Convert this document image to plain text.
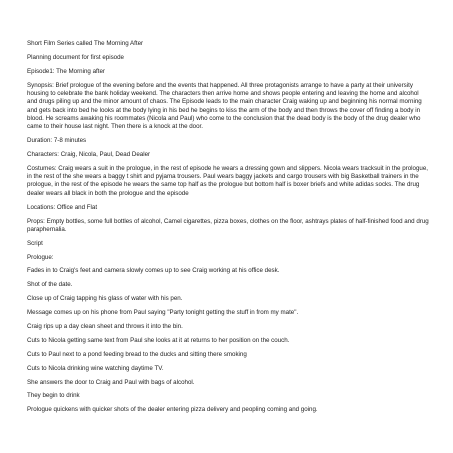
Short Film Series called The Morning After

Planning document for first episode

Episode1: The Morning after

Synopsis: Brief prologue of the evening before and the events that happened. All three protagonists arrange to have a party at their university housing to celebrate the bank holiday weekend. The characters then arrive home and shows people entering and leaving the home and alcohol and drugs piling up and the minor amount of chaos. The Episode leads to the main character Craig waking up and beginning his normal morning and gets back into bed he looks at the body lying in his bed he begins to kiss the arm of the body and then throws the cover off finding a body in blood. He screams awaking his roommates (Nicola and Paul) who come to the conclusion that the dead body is the body of the drug dealer who came to their house last night. Then there is a knock at the door.

Duration: 7-8 minutes

Characters: Craig, Nicola, Paul, Dead Dealer

Costumes: Craig wears a suit in the prologue, in the rest of episode he wears a dressing gown and slippers. Nicola wears tracksuit in the prologue, in the rest of the she wears a baggy t shirt and pyjama trousers. Paul wears baggy jackets and cargo trousers with big Basketball trainers in the prologue, in the rest of the episode he wears the same top half as the prologue but bottom half is boxer briefs and white adidas socks. The drug dealer wears all black in both the prologue and the episode

Locations: Office and Flat

Props: Empty bottles, some full bottles of alcohol, Camel cigarettes, pizza boxes, clothes on the floor, ashtrays plates of half-finished food and drug paraphernalia.

Script

Prologue:

Fades in to Craig's feet and camera slowly comes up to see Craig working at his office desk.

Shot of the date.

Close up of Craig tapping his glass of water with his pen.

Message comes up on his phone from Paul saying "Party tonight getting the stuff in from my mate".

Craig rips up a day clean sheet and throws it into the bin.

Cuts to Nicola getting same text from Paul she looks at it at returns to her position on the couch.

Cuts to Paul next to a pond feeding bread to the ducks and sitting there smoking

Cuts to Nicola drinking wine watching daytime TV.

She answers the door to Craig and Paul with bags of alcohol.

They begin to drink

Prologue quickens with quicker shots of the dealer entering pizza delivery and peopling coming and going.
